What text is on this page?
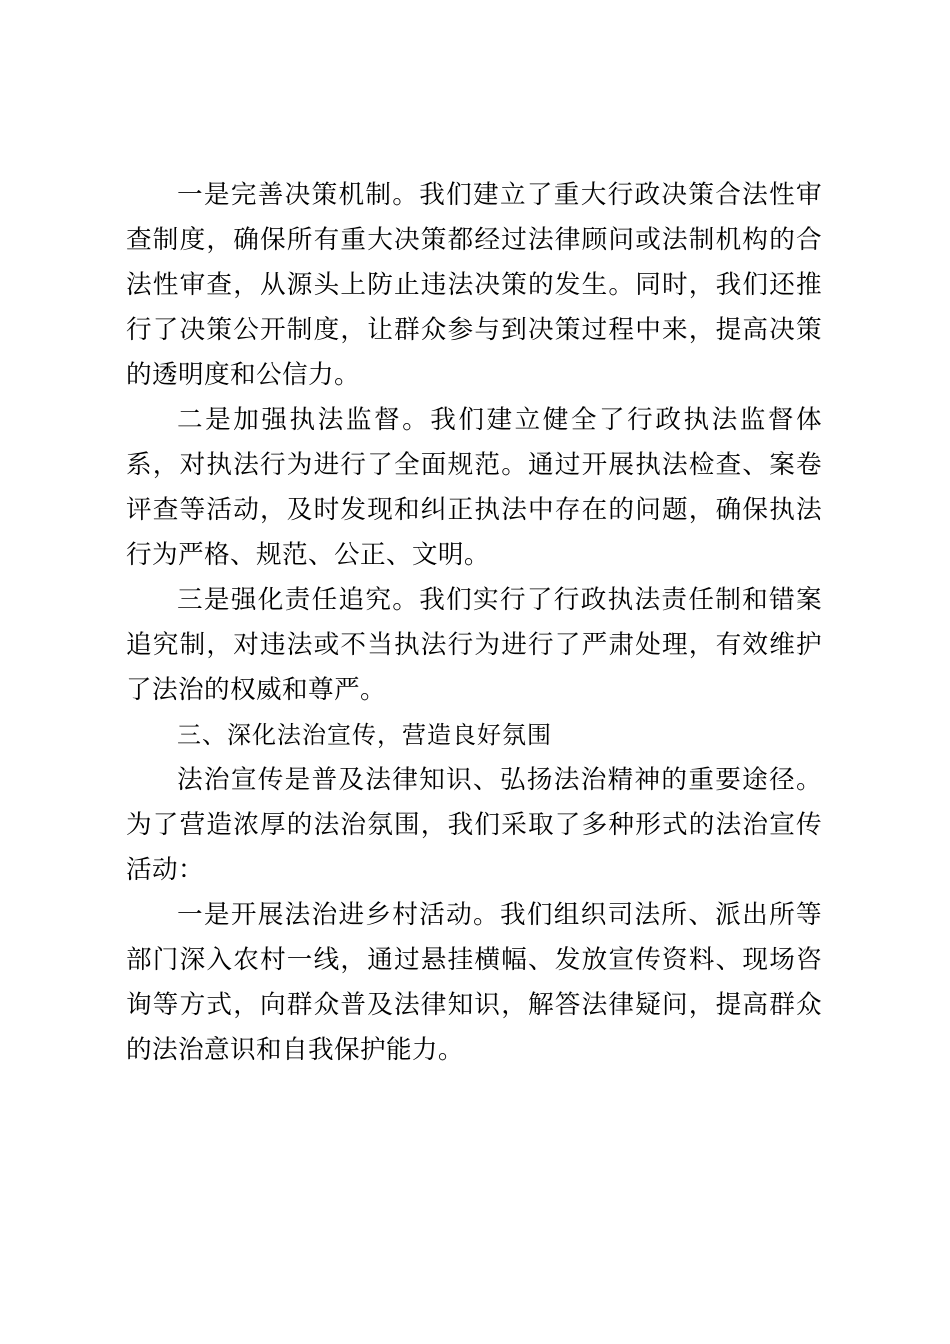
一是完善决策机制。我们建立了重大行政决策合法性审查制度，确保所有重大决策都经过法律顾问或法制机构的合法性审查，从源头上防止违法决策的发生。同时，我们还推行了决策公开制度，让群众参与到决策过程中来，提高决策的透明度和公信力。

二是加强执法监督。我们建立健全了行政执法监督体系，对执法行为进行了全面规范。通过开展执法检查、案卷评查等活动，及时发现和纠正执法中存在的问题，确保执法行为严格、规范、公正、文明。

三是强化责任追究。我们实行了行政执法责任制和错案追究制，对违法或不当执法行为进行了严肃处理，有效维护了法治的权威和尊严。

三、深化法治宣传，营造良好氛围

法治宣传是普及法律知识、弘扬法治精神的重要途径。为了营造浓厚的法治氛围，我们采取了多种形式的法治宣传活动：

一是开展法治进乡村活动。我们组织司法所、派出所等部门深入农村一线，通过悬挂横幅、发放宣传资料、现场咨询等方式，向群众普及法律知识，解答法律疑问，提高群众的法治意识和自我保护能力。
